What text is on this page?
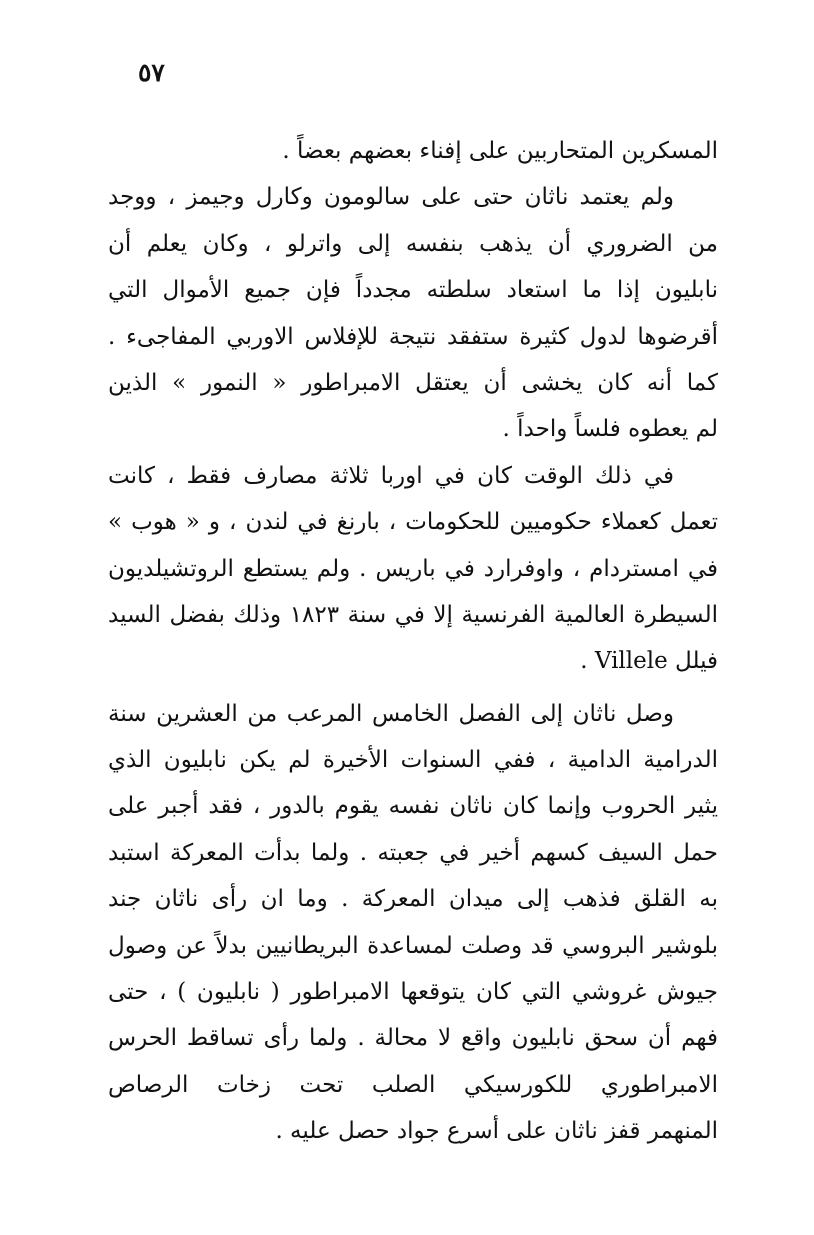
٥٧
المسكرين المتحاربين على إفناء بعضهم بعضاً .
ولم يعتمد ناثان حتى على سالومون وكارل وجيمز ، ووجد
من الضروري أن يذهب بنفسه إلى واترلو ، وكان يعلم أن
نابليون إذا ما استعاد سلطته مجدداً فإن جميع الأموال التي
أقرضوها لدول كثيرة ستفقد نتيجة للإفلاس الاوربي المفاجىء .
كما أنه كان يخشى أن يعتقل الامبراطور « النمور » الذين
لم يعطوه فلساً واحداً .
في ذلك الوقت كان في اوربا ثلاثة مصارف فقط ، كانت
تعمل كعملاء حكوميين للحكومات ، بارنغ في لندن ، و « هوب »
في امستردام ، واوفرارد في باريس . ولم يستطع الروتشيلديون
السيطرة العالمية الفرنسية إلا في سنة ١٨٢٣ وذلك بفضل السيد
فيلل Villele .
وصل ناثان إلى الفصل الخامس المرعب من العشرين سنة
الدرامية الدامية ، ففي السنوات الأخيرة لم يكن نابليون الذي
يثير الحروب وإنما كان ناثان نفسه يقوم بالدور ، فقد أجبر على
حمل السيف كسهم أخير في جعبته . ولما بدأت المعركة استبد
به القلق فذهب إلى ميدان المعركة . وما ان رأى ناثان جند
بلوشير البروسي قد وصلت لمساعدة البريطانيين بدلاً عن وصول
جيوش غروشي التي كان يتوقعها الامبراطور ( نابليون ) ، حتى
فهم أن سحق نابليون واقع لا محالة . ولما رأى تساقط الحرس
الامبراطوري للكورسيكي الصلب تحت زخات الرصاص
المنهمر قفز ناثان على أسرع جواد حصل عليه .
